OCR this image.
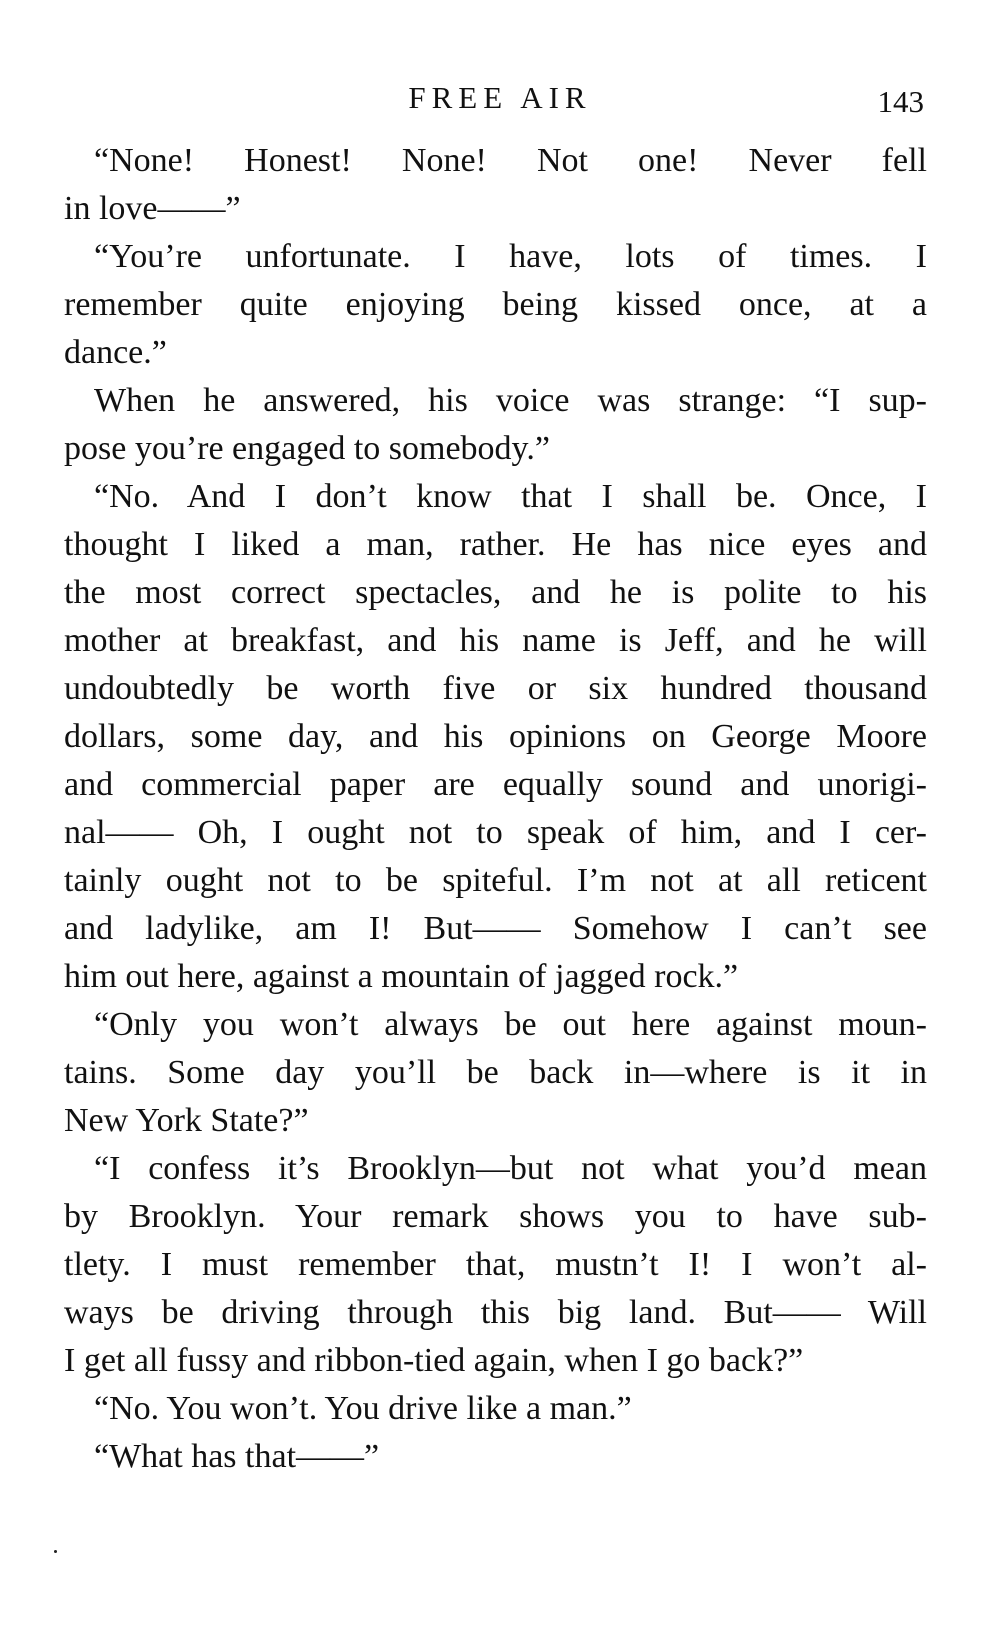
FREE AIR	143
“None! Honest! None! Not one! Never fell
in love——”
“You’re unfortunate. I have, lots of times. I
remember quite enjoying being kissed once, at a
dance.”
When he answered, his voice was strange: “I sup-
pose you’re engaged to somebody.”
“No. And I don’t know that I shall be. Once, I
thought I liked a man, rather. He has nice eyes and
the most correct spectacles, and he is polite to his
mother at breakfast, and his name is Jeff, and he will
undoubtedly be worth five or six hundred thousand
dollars, some day, and his opinions on George Moore
and commercial paper are equally sound and unorigi-
nal—— Oh, I ought not to speak of him, and I cer-
tainly ought not to be spiteful. I’m not at all reticent
and ladylike, am I! But—— Somehow I can’t see
him out here, against a mountain of jagged rock.”
“Only you won’t always be out here against moun-
tains. Some day you’ll be back in—where is it in
New York State?”
“I confess it’s Brooklyn—but not what you’d mean
by Brooklyn. Your remark shows you to have sub-
tlety. I must remember that, mustn’t I! I won’t al-
ways be driving through this big land. But—— Will
I get all fussy and ribbon-tied again, when I go back?”
“No. You won’t. You drive like a man.”
“What has that——”
